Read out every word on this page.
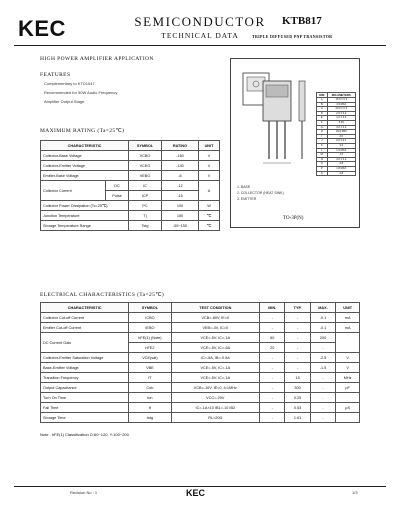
KEC	SEMICONDUCTOR
TECHNICAL DATA
KTB817
TRIPLE DIFFUSED PNP TRANSISTOR
HIGH POWER AMPLIFIER APPLICATION
FEATURES
Complementary to KTD1047.
Recommended for 50W Audio Frequency
Amplifier Output Stage.
MAXIMUM RATING (Ta=25℃)
CHARACTERISTIC		SYMBOL	RATING	UNIT
Collector-Base Voltage		VCBO	-160	V
Collector-Emitter Voltage		VCEO	-140	V
Emitter-Base Voltage		VEBO	-6	V
Collector Current	DC	IC	-12	A
	Pulse	ICP	-15	
Collector Power Dissipation (Tc=25℃)		PC	100	W
Junction Temperature		Tj	150	℃
Storage Temperature Range		Tstg	-55~150	℃
1. BASE
2. COLLECTOR (HEAT SINK)
3. EMITTER
DIM	MILLIMETERS
A	15.9 ± 0.3
B	4.9 MAX
C	20.0 ± 0.3
D	2.0 ± 0.2
E	1.0 ± 0.2
F	5.45
G	3.2 ± 0.2
H	20.0 MIN
I	2.0
J	0.6 ± 0.1
K	3.3
L	1.0 MAX
M	1.5
N	3.0 ± 0.2
O	4.8
P	1.8 MAX
Q	2.8
TO-3P(N)
ELECTRICAL CHARACTERISTICS (Ta=25℃)
CHARACTERISTIC	SYMBOL	TEST CONDITION	MIN.	TYP.	MAX.	UNIT
Collector Cut-off Current	ICBO	VCB=-80V, IE=0	-	-	-0.1	mA
Emitter Cut-off Current	IEBO	VEB=-4V, IC=0	-	-	-0.1	mA
DC Current Gain	hFE(1) (Note)	VCE=-5V, IC=-1A	60	-	200	
	hFE2	VCE=-5V, IC=-6A	20	-	-	
Collector-Emitter Saturation Voltage	VCE(sat)	IC=-5A, IB=-0.5A	-	-	-2.5	V
Base-Emitter Voltage	VBE	VCE=-5V, IC=-1A	-	-	-1.5	V
Transition Frequency	fT	VCE=-5V, IC=-1A	-	15	-	MHz
Output Capacitance	Cob	VCB=-10V, IE=0, f=1MHz	-	300	-	pF
Turn On Time	ton	VCC=-20V	-	0.25	-	
Fall Time	tf	IC=-1A×10 IB1=-10 IB2	-	0.53	-	μS
Storage Time	tstg	RL=20Ω	-	1.61	-	
Note : hFE(1) Classification O:60~120, Y:100~200
Revision No : 1	KEC	1/3
